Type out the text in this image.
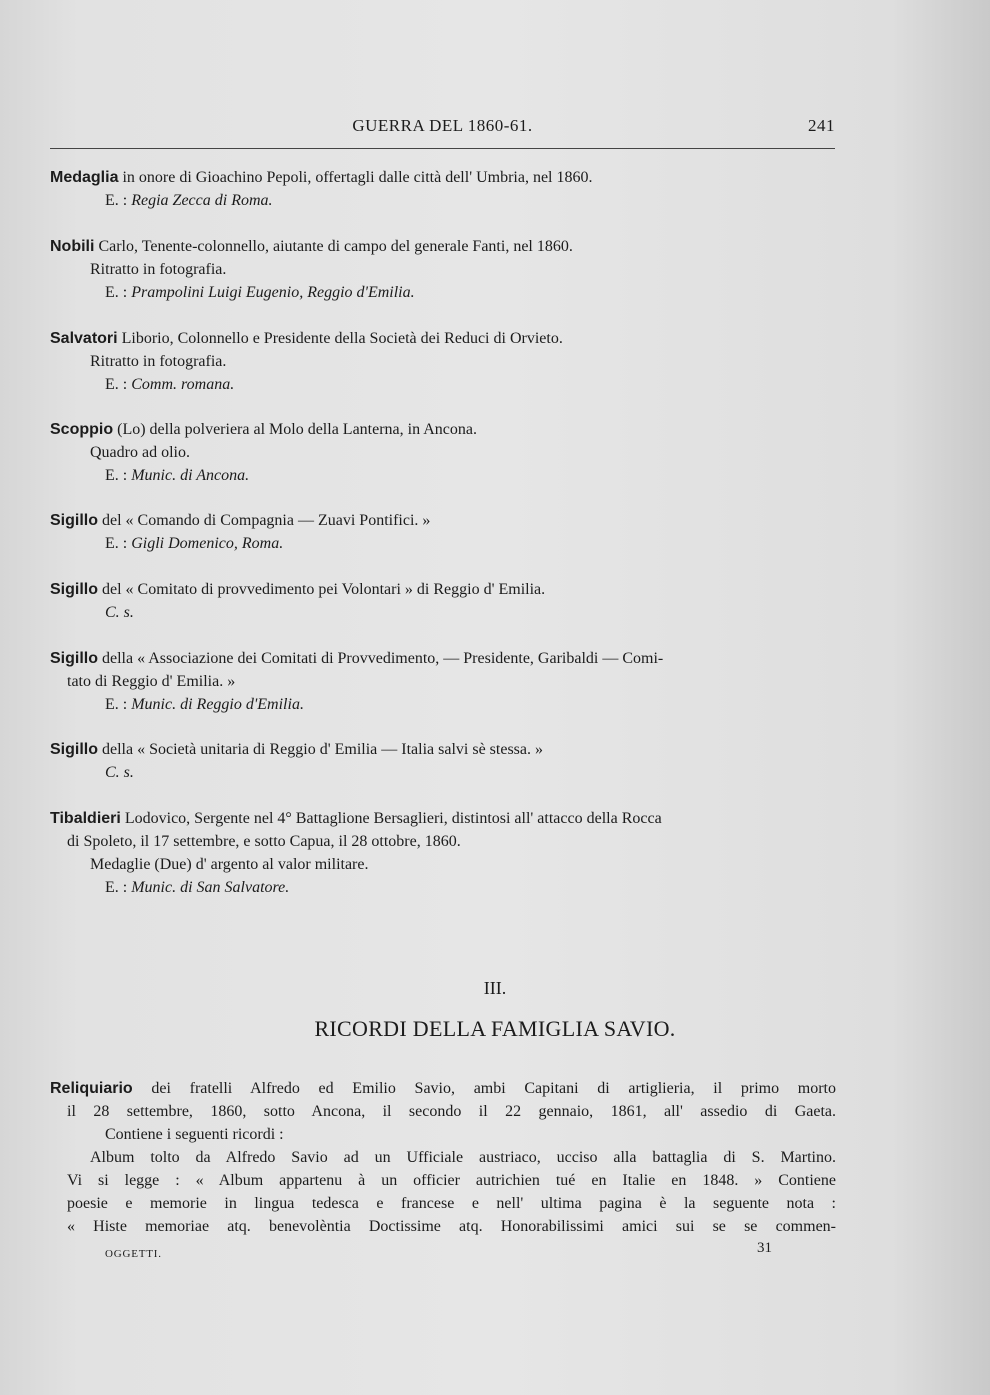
GUERRA DEL 1860-61.	241
Medaglia in onore di Gioachino Pepoli, offertagli dalle città dell' Umbria, nel 1860.
E. : Regia Zecca di Roma.
Nobili Carlo, Tenente-colonnello, aiutante di campo del generale Fanti, nel 1860.
Ritratto in fotografia.
E. : Prampolini Luigi Eugenio, Reggio d'Emilia.
Salvatori Liborio, Colonnello e Presidente della Società dei Reduci di Orvieto.
Ritratto in fotografia.
E. : Comm. romana.
Scoppio (Lo) della polveriera al Molo della Lanterna, in Ancona.
Quadro ad olio.
E. : Munic. di Ancona.
Sigillo del « Comando di Compagnia — Zuavi Pontifici. »
E. : Gigli Domenico, Roma.
Sigillo del « Comitato di provvedimento pei Volontari » di Reggio d' Emilia.
C. s.
Sigillo della « Associazione dei Comitati di Provvedimento, — Presidente, Garibaldi — Comi-
tato di Reggio d' Emilia. »
E. : Munic. di Reggio d'Emilia.
Sigillo della « Società unitaria di Reggio d' Emilia — Italia salvi sè stessa. »
C. s.
Tibaldieri Lodovico, Sergente nel 4° Battaglione Bersaglieri, distintosi all' attacco della Rocca
di Spoleto, il 17 settembre, e sotto Capua, il 28 ottobre, 1860.
Medaglie (Due) d' argento al valor militare.
E. : Munic. di San Salvatore.
III.
RICORDI DELLA FAMIGLIA SAVIO.
Reliquiario dei fratelli Alfredo ed Emilio Savio, ambi Capitani di artiglieria, il primo morto
il 28 settembre, 1860, sotto Ancona, il secondo il 22 gennaio, 1861, all' assedio di Gaeta.
Contiene i seguenti ricordi :
Album tolto da Alfredo Savio ad un Ufficiale austriaco, ucciso alla battaglia di S. Martino.
Vi si legge : « Album appartenu à un officier autrichien tué en Italie en 1848. » Contiene
poesie e memorie in lingua tedesca e francese e nell' ultima pagina è la seguente nota :
« Histe memoriae atq. benevolèntia Doctissime atq. Honorabilissimi amici sui se se commen-
OGGETTI.	31
